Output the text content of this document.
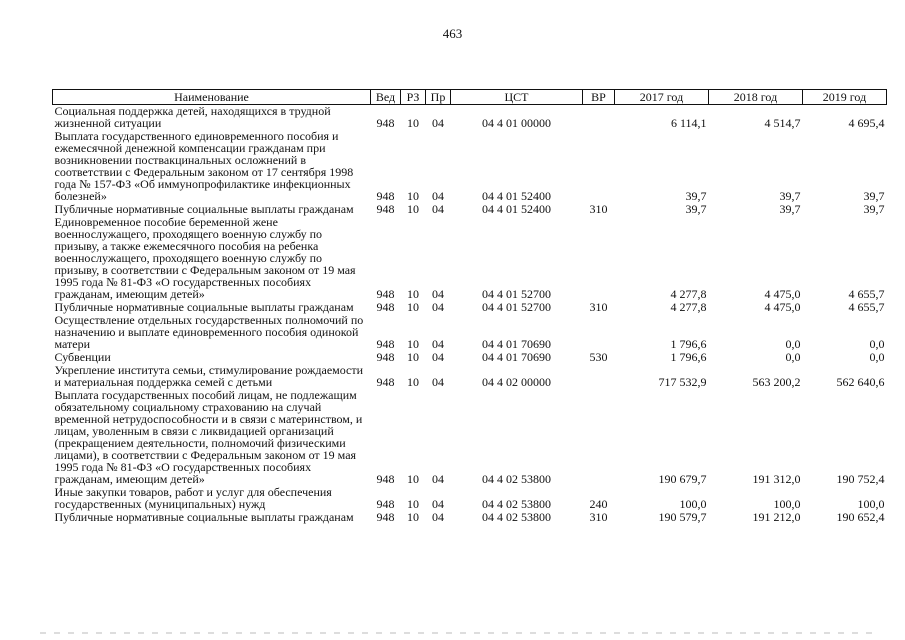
463
Наименование	Вед	РЗ	Пр	ЦСТ	ВР	2017 год	2018 год	2019 год
Социальная поддержка детей, находящихся в трудной жизненной ситуации	948	10	04	04 4 01 00000		6 114,1	4 514,7	4 695,4
Выплата государственного единовременного пособия и ежемесячной денежной компенсации гражданам при возникновении поствакцинальных осложнений в соответствии с Федеральным законом от 17 сентября 1998 года № 157-ФЗ «Об иммунопрофилактике инфекционных болезней»	948	10	04	04 4 01 52400		39,7	39,7	39,7
Публичные нормативные социальные выплаты гражданам	948	10	04	04 4 01 52400	310	39,7	39,7	39,7
Единовременное пособие беременной жене военнослужащего, проходящего военную службу по призыву, а также ежемесячного пособия на ребенка военнослужащего, проходящего военную службу по призыву, в соответствии с Федеральным законом от 19 мая 1995 года № 81-ФЗ «О государственных пособиях гражданам, имеющим детей»	948	10	04	04 4 01 52700		4 277,8	4 475,0	4 655,7
Публичные нормативные социальные выплаты гражданам	948	10	04	04 4 01 52700	310	4 277,8	4 475,0	4 655,7
Осуществление отдельных государственных полномочий по назначению и выплате единовременного пособия одинокой матери	948	10	04	04 4 01 70690		1 796,6	0,0	0,0
Субвенции	948	10	04	04 4 01 70690	530	1 796,6	0,0	0,0
Укрепление института семьи, стимулирование рождаемости и материальная поддержка семей с детьми	948	10	04	04 4 02 00000		717 532,9	563 200,2	562 640,6
Выплата государственных пособий лицам, не подлежащим обязательному социальному страхованию на случай временной нетрудоспособности и в связи с материнством, и лицам, уволенным в связи с ликвидацией организаций (прекращением деятельности, полномочий физическими лицами), в соответствии с Федеральным законом от 19 мая 1995 года № 81-ФЗ «О государственных пособиях гражданам, имеющим детей»	948	10	04	04 4 02 53800		190 679,7	191 312,0	190 752,4
Иные закупки товаров, работ и услуг для обеспечения государственных (муниципальных) нужд	948	10	04	04 4 02 53800	240	100,0	100,0	100,0
Публичные нормативные социальные выплаты гражданам	948	10	04	04 4 02 53800	310	190 579,7	191 212,0	190 652,4
